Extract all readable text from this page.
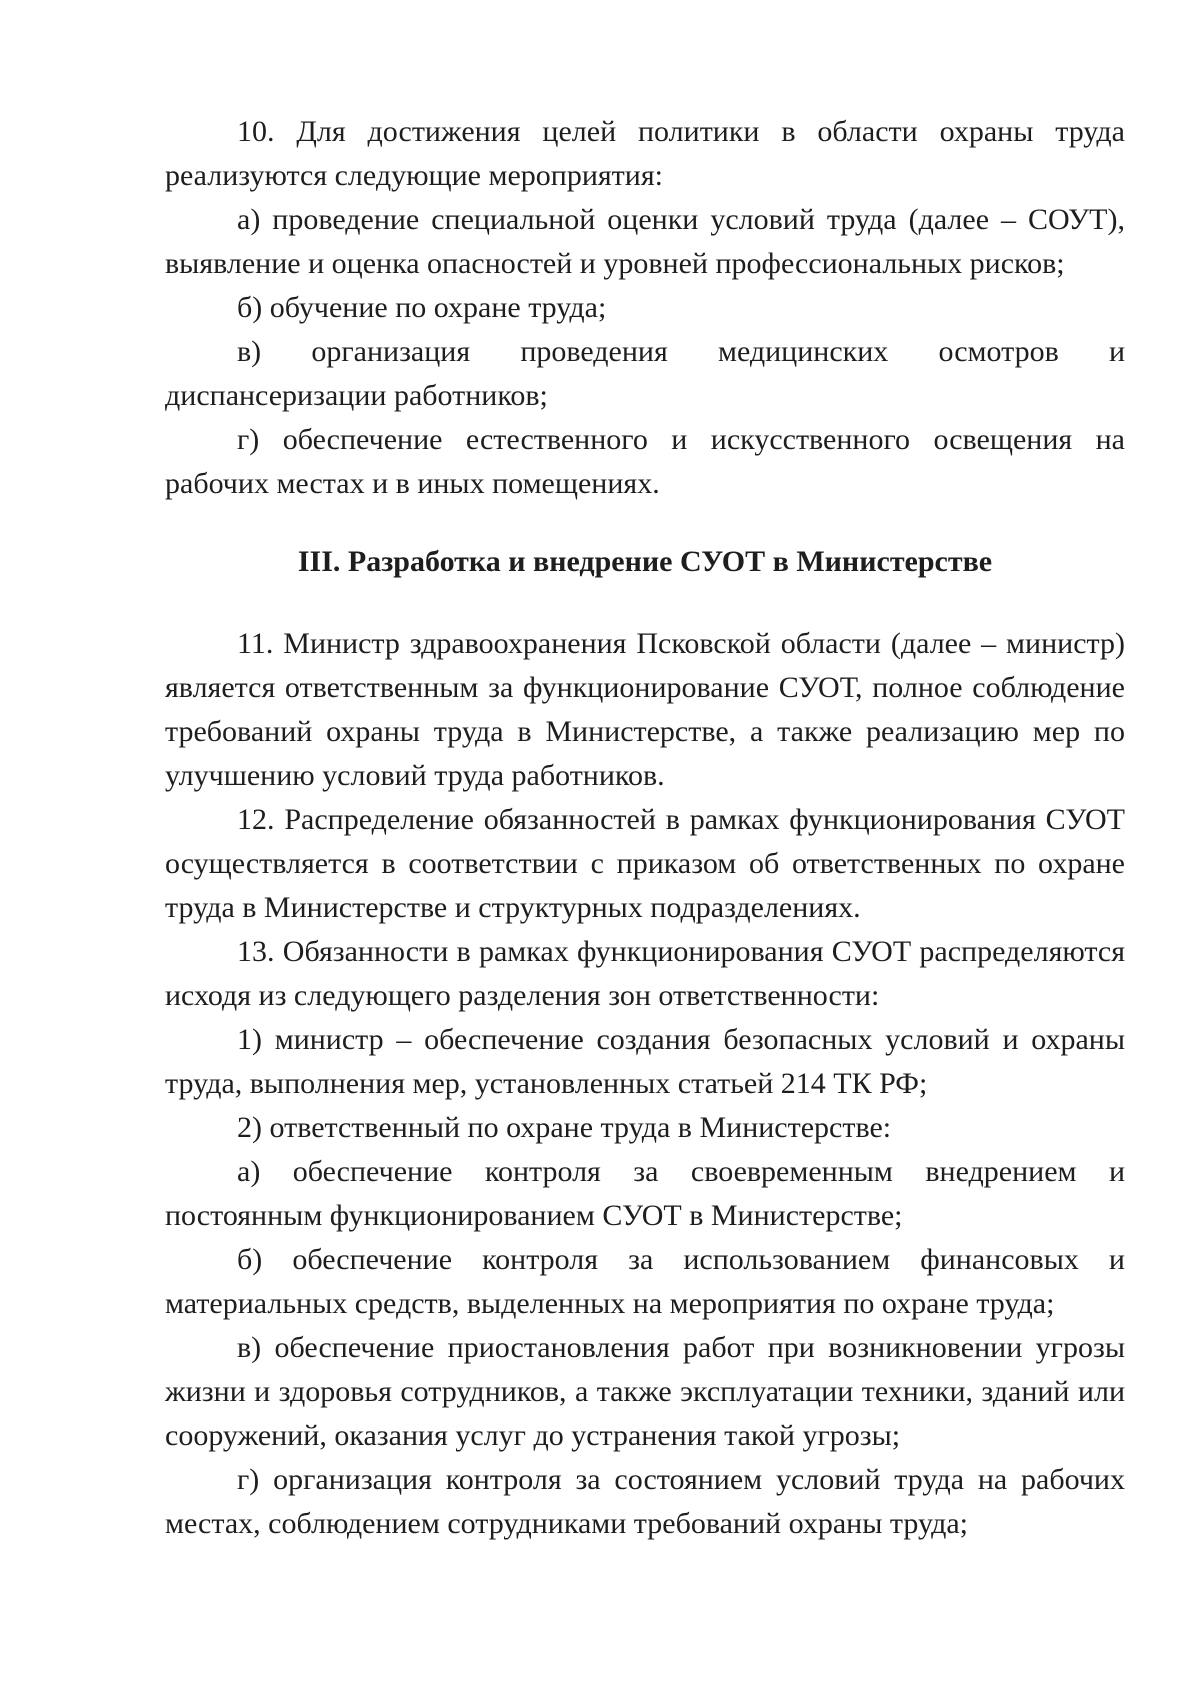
10. Для достижения целей политики в области охраны труда реализуются следующие мероприятия:

а) проведение специальной оценки условий труда (далее – СОУТ), выявление и оценка опасностей и уровней профессиональных рисков;

б) обучение по охране труда;

в) организация проведения медицинских осмотров и диспансеризации работников;

г) обеспечение естественного и искусственного освещения на рабочих местах и в иных помещениях.

III. Разработка и внедрение СУОТ в Министерстве

11. Министр здравоохранения Псковской области (далее – министр) является ответственным за функционирование СУОТ, полное соблюдение требований охраны труда в Министерстве, а также реализацию мер по улучшению условий труда работников.

12. Распределение обязанностей в рамках функционирования СУОТ осуществляется в соответствии с приказом об ответственных по охране труда в Министерстве и структурных подразделениях.

13. Обязанности в рамках функционирования СУОТ распределяются исходя из следующего разделения зон ответственности:

1) министр – обеспечение создания безопасных условий и охраны труда, выполнения мер, установленных статьей 214 ТК РФ;

2) ответственный по охране труда в Министерстве:

а) обеспечение контроля за своевременным внедрением и постоянным функционированием СУОТ в Министерстве;

б) обеспечение контроля за использованием финансовых и материальных средств, выделенных на мероприятия по охране труда;

в) обеспечение приостановления работ при возникновении угрозы жизни и здоровья сотрудников, а также эксплуатации техники, зданий или сооружений, оказания услуг до устранения такой угрозы;

г) организация контроля за состоянием условий труда на рабочих местах, соблюдением сотрудниками требований охраны труда;
